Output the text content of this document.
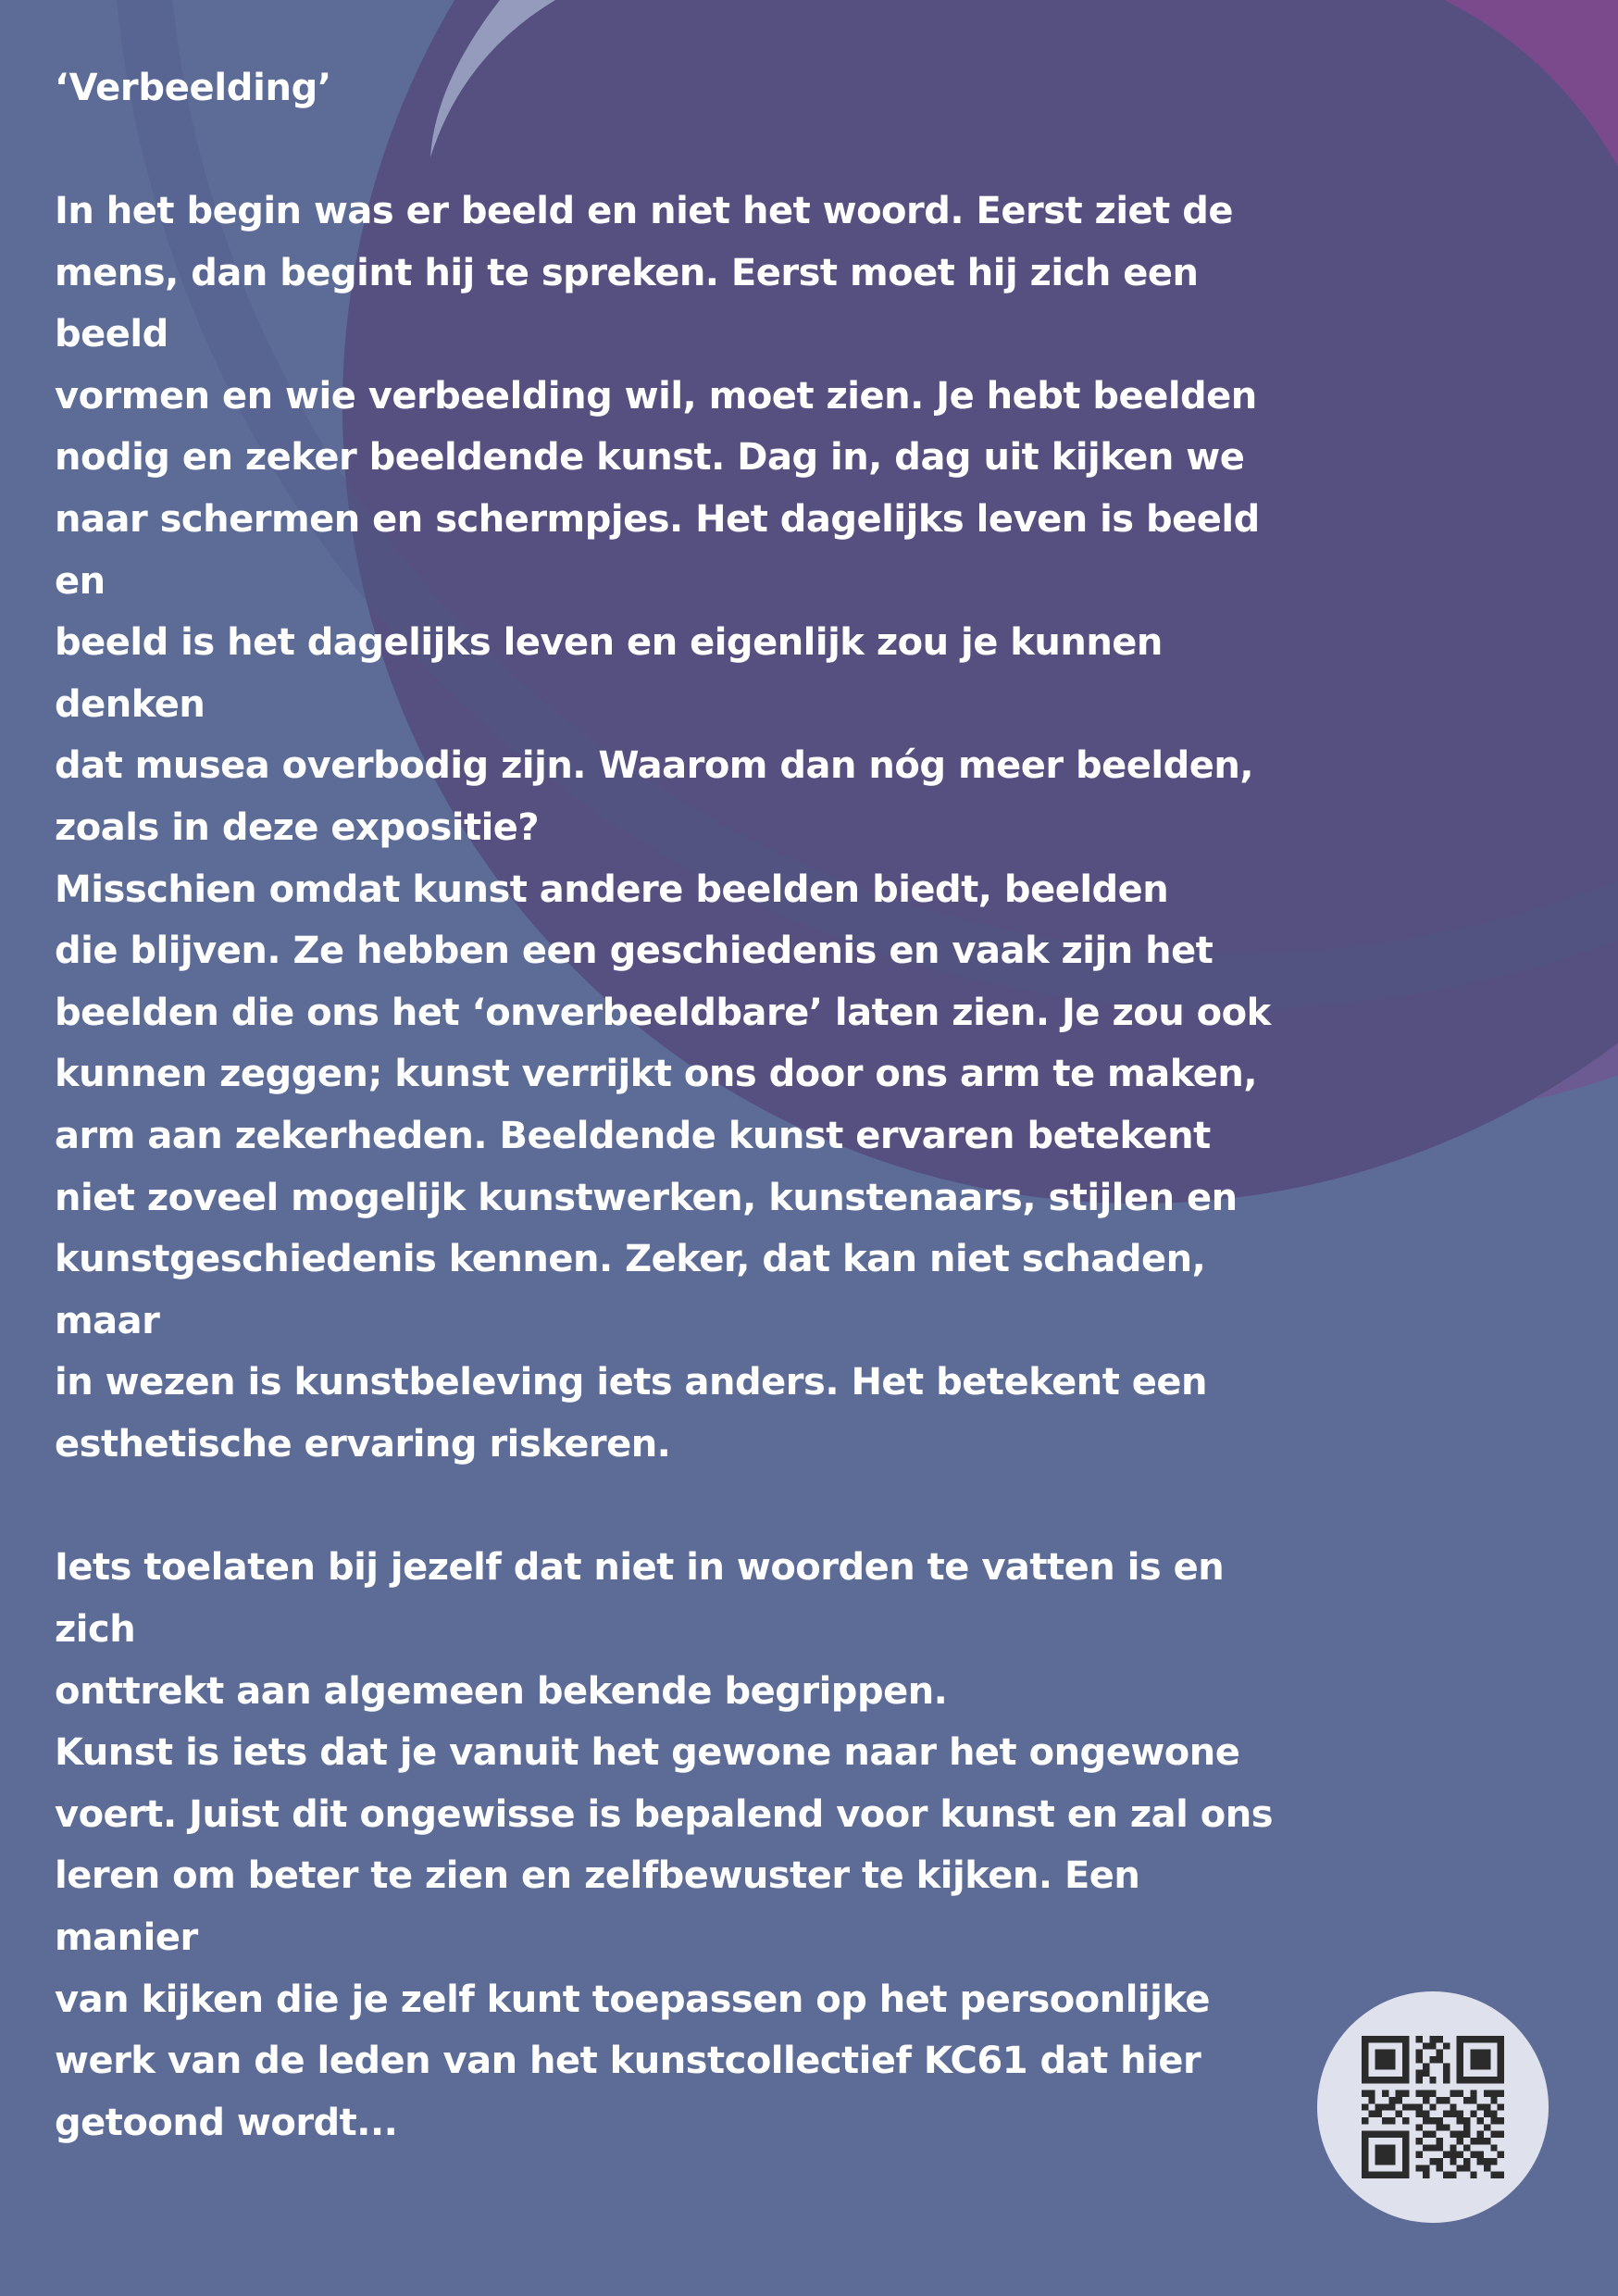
‘Verbeelding’

In het begin was er beeld en niet het woord. Eerst ziet de
mens, dan begint hij te spreken. Eerst moet hij zich een beeld
vormen en wie verbeelding wil, moet zien. Je hebt beelden
nodig en zeker beeldende kunst. Dag in, dag uit kijken we
naar schermen en schermpjes. Het dagelijks leven is beeld en
beeld is het dagelijks leven en eigenlijk zou je kunnen denken
dat musea overbodig zijn. Waarom dan nóg meer beelden,
zoals in deze expositie?
Misschien omdat kunst andere beelden biedt, beelden
die blijven. Ze hebben een geschiedenis en vaak zijn het
beelden die ons het ‘onverbeeldbare’ laten zien. Je zou ook
kunnen zeggen; kunst verrijkt ons door ons arm te maken,
arm aan zekerheden. Beeldende kunst ervaren betekent
niet zoveel mogelijk kunstwerken, kunstenaars, stijlen en
kunstgeschiedenis kennen. Zeker, dat kan niet schaden, maar
in wezen is kunstbeleving iets anders. Het betekent een
esthetische ervaring riskeren.

Iets toelaten bij jezelf dat niet in woorden te vatten is en zich
onttrekt aan algemeen bekende begrippen.
Kunst is iets dat je vanuit het gewone naar het ongewone
voert. Juist dit ongewisse is bepalend voor kunst en zal ons
leren om beter te zien en zelfbewuster te kijken. Een manier
van kijken die je zelf kunt toepassen op het persoonlijke
werk van de leden van het kunstcollectief KC61 dat hier
getoond wordt...
